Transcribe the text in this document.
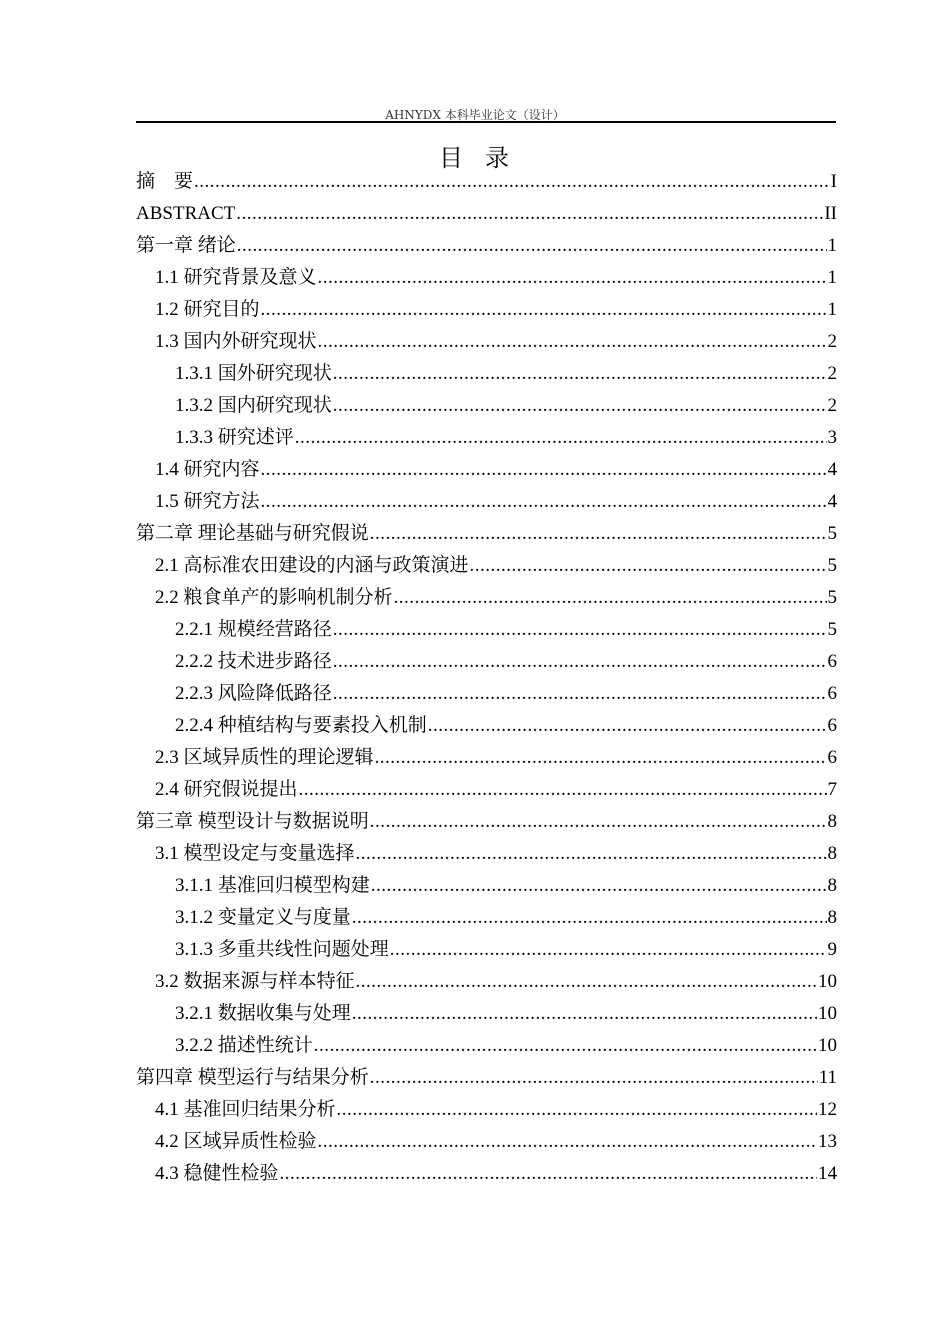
AHNYDX 本科毕业论文（设计）
目录
摘　要 .....	I
ABSTRACT .....	II
第一章 绪论 .....	1
1.1 研究背景及意义 .....	1
1.2 研究目的 .....	1
1.3 国内外研究现状 .....	2
1.3.1 国外研究现状 .....	2
1.3.2 国内研究现状 .....	2
1.3.3 研究述评 .....	3
1.4 研究内容 .....	4
1.5 研究方法 .....	4
第二章 理论基础与研究假说 .....	5
2.1 高标准农田建设的内涵与政策演进 .....	5
2.2 粮食单产的影响机制分析 .....	5
2.2.1 规模经营路径 .....	5
2.2.2 技术进步路径 .....	6
2.2.3 风险降低路径 .....	6
2.2.4 种植结构与要素投入机制 .....	6
2.3 区域异质性的理论逻辑 .....	6
2.4 研究假说提出 .....	7
第三章 模型设计与数据说明 .....	8
3.1 模型设定与变量选择 .....	8
3.1.1 基准回归模型构建 .....	8
3.1.2 变量定义与度量 .....	8
3.1.3 多重共线性问题处理 .....	9
3.2 数据来源与样本特征 .....	10
3.2.1 数据收集与处理 .....	10
3.2.2 描述性统计 .....	10
第四章 模型运行与结果分析 .....	11
4.1 基准回归结果分析 .....	12
4.2 区域异质性检验 .....	13
4.3 稳健性检验 .....	14
